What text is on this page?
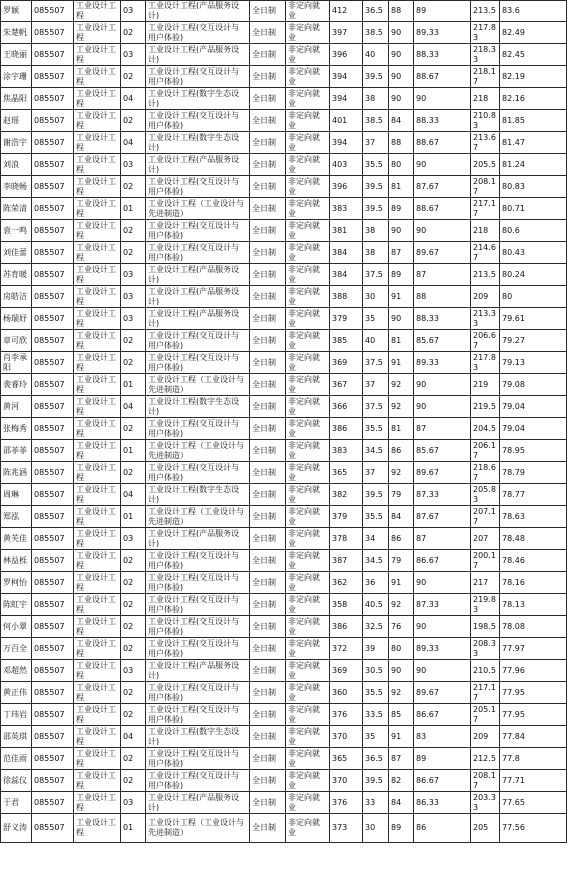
罗颖	085507	工业设计工程	03	工业设计工程(产品服务设计)	全日制	非定向就业	412	36.5	88	89	213.5	83.6
朱楚帆	085507	工业设计工程	02	工业设计工程(交互设计与用户体验)	全日制	非定向就业	397	38.5	90	89.33	217.83	82.49
王晓丽	085507	工业设计工程	03	工业设计工程(产品服务设计)	全日制	非定向就业	396	40	90	88.33	218.33	82.45
涂宇珊	085507	工业设计工程	02	工业设计工程(交互设计与用户体验)	全日制	非定向就业	394	39.5	90	88.67	218.17	82.19
焦晶阳	085507	工业设计工程	04	工业设计工程(数字生态设计)	全日制	非定向就业	394	38	90	90	218	82.16
赵瑶	085507	工业设计工程	02	工业设计工程(交互设计与用户体验)	全日制	非定向就业	401	38.5	84	88.33	210.83	81.85
谢浩宇	085507	工业设计工程	04	工业设计工程(数字生态设计)	全日制	非定向就业	394	37	88	88.67	213.67	81.47
刘浪	085507	工业设计工程	03	工业设计工程(产品服务设计)	全日制	非定向就业	403	35.5	80	90	205.5	81.24
李晓畅	085507	工业设计工程	02	工业设计工程(交互设计与用户体验)	全日制	非定向就业	396	39.5	81	87.67	208.17	80.83
陈荣清	085507	工业设计工程	01	工业设计工程（工业设计与先进制造）	全日制	非定向就业	383	39.5	89	88.67	217.17	80.71
袁一鸣	085507	工业设计工程	02	工业设计工程(交互设计与用户体验)	全日制	非定向就业	381	38	90	90	218	80.6
刘佳蕾	085507	工业设计工程	02	工业设计工程(交互设计与用户体验)	全日制	非定向就业	384	38	87	89.67	214.67	80.43
苏育暖	085507	工业设计工程	03	工业设计工程(产品服务设计)	全日制	非定向就业	384	37.5	89	87	213.5	80.24
房皓洁	085507	工业设计工程	03	工业设计工程(产品服务设计)	全日制	非定向就业	388	30	91	88	209	80
杨瑞妤	085507	工业设计工程	03	工业设计工程(产品服务设计)	全日制	非定向就业	379	35	90	88.33	213.33	79.61
章可欣	085507	工业设计工程	02	工业设计工程(交互设计与用户体验)	全日制	非定向就业	385	40	81	85.67	206.67	79.27
肖李承阳	085507	工业设计工程	02	工业设计工程(交互设计与用户体验)	全日制	非定向就业	369	37.5	91	89.33	217.83	79.13
裴睿玲	085507	工业设计工程	01	工业设计工程（工业设计与先进制造）	全日制	非定向就业	367	37	92	90	219	79.08
黄河	085507	工业设计工程	04	工业设计工程(数字生态设计)	全日制	非定向就业	366	37.5	92	90	219.5	79.04
张梅秀	085507	工业设计工程	02	工业设计工程(交互设计与用户体验)	全日制	非定向就业	386	35.5	81	87	204.5	79.04
邵菲菲	085507	工业设计工程	01	工业设计工程（工业设计与先进制造）	全日制	非定向就业	383	34.5	86	85.67	206.17	78.95
陈兆涵	085507	工业设计工程	02	工业设计工程(交互设计与用户体验)	全日制	非定向就业	365	37	92	89.67	218.67	78.79
周琳	085507	工业设计工程	04	工业设计工程(数字生态设计)	全日制	非定向就业	382	39.5	79	87.33	205.83	78.77
郑泓	085507	工业设计工程	01	工业设计工程（工业设计与先进制造）	全日制	非定向就业	379	35.5	84	87.67	207.17	78.63
黄芙佳	085507	工业设计工程	03	工业设计工程(产品服务设计)	全日制	非定向就业	378	34	86	87	207	78.48
林益栎	085507	工业设计工程	02	工业设计工程(交互设计与用户体验)	全日制	非定向就业	387	34.5	79	86.67	200.17	78.46
罗柯怡	085507	工业设计工程	02	工业设计工程(交互设计与用户体验)	全日制	非定向就业	362	36	91	90	217	78.16
陈虹宇	085507	工业设计工程	02	工业设计工程(交互设计与用户体验)	全日制	非定向就业	358	40.5	92	87.33	219.83	78.13
何小翠	085507	工业设计工程	02	工业设计工程(交互设计与用户体验)	全日制	非定向就业	386	32.5	76	90	198.5	78.08
万百全	085507	工业设计工程	02	工业设计工程(交互设计与用户体验)	全日制	非定向就业	372	39	80	89.33	208.33	77.97
邓超然	085507	工业设计工程	03	工业设计工程(产品服务设计)	全日制	非定向就业	369	30.5	90	90	210.5	77.96
黄正伟	085507	工业设计工程	02	工业设计工程(交互设计与用户体验)	全日制	非定向就业	360	35.5	92	89.67	217.17	77.95
丁玮岩	085507	工业设计工程	02	工业设计工程(交互设计与用户体验)	全日制	非定向就业	376	33.5	85	86.67	205.17	77.95
邵英琪	085507	工业设计工程	04	工业设计工程(数字生态设计)	全日制	非定向就业	370	35	91	83	209	77.84
范佳雨	085507	工业设计工程	02	工业设计工程(交互设计与用户体验)	全日制	非定向就业	365	36.5	87	89	212.5	77.8
徐蕊仪	085507	工业设计工程	02	工业设计工程(交互设计与用户体验)	全日制	非定向就业	370	39.5	82	86.67	208.17	77.71
于君	085507	工业设计工程	03	工业设计工程(产品服务设计)	全日制	非定向就业	376	33	84	86.33	203.33	77.65
舒义涛	085507	工业设计工程	01	工业设计工程（工业设计与先进制造）	全日制	非定向就业	373	30	89	86	205	77.56
